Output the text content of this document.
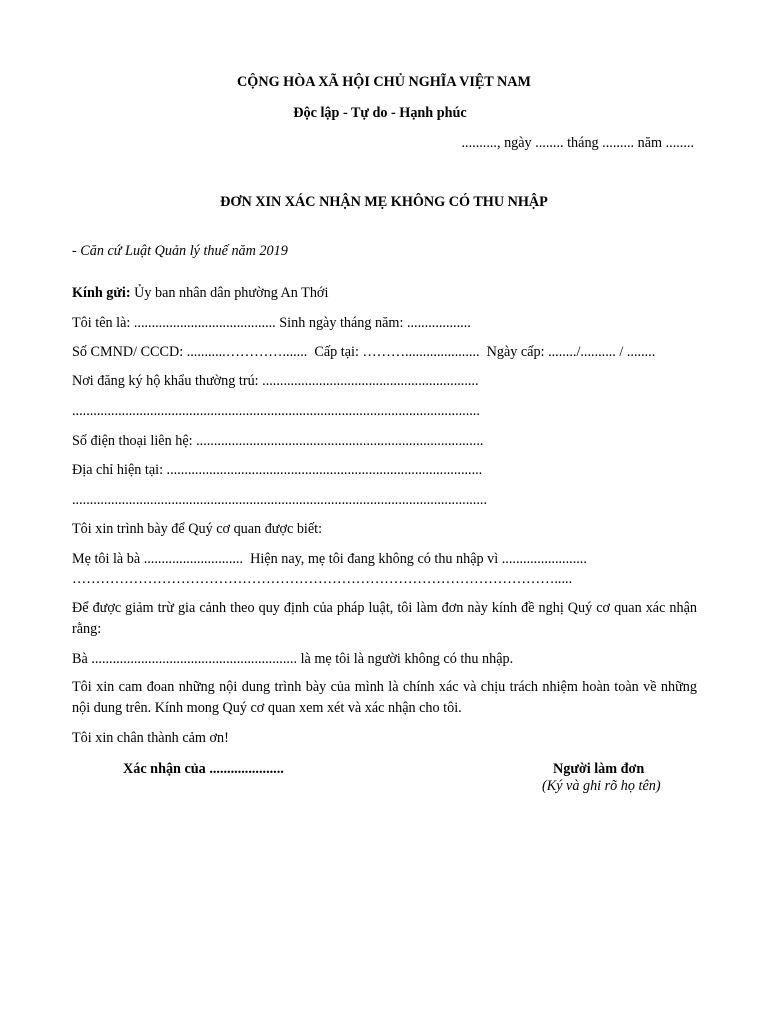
CỘNG HÒA XÃ HỘI CHỦ NGHĨA VIỆT NAM
Độc lập - Tự do - Hạnh phúc
.........., ngày ........ tháng ......... năm ........
ĐƠN XIN XÁC NHẬN MẸ KHÔNG CÓ THU NHẬP
- Căn cứ Luật Quản lý thuế năm 2019
Kính gửi: Ủy ban nhân dân phường An Thới
Tôi tên là: ........................................ Sinh ngày tháng năm: ..................
Số CMND/ CCCD: ...........………….......  Cấp tại: ……….....................  Ngày cấp: ......../.......... / ........
Nơi đăng ký hộ khẩu thường trú: .............................................................
...................................................................................................................
Số điện thoại liên hệ: .................................................................................
Địa chỉ hiện tại: .........................................................................................
.....................................................................................................................
Tôi xin trình bày để Quý cơ quan được biết:
Mẹ tôi là bà ............................  Hiện nay, mẹ tôi đang không có thu nhập vì ........................
………………………………………………………………………………………….....
Để được giảm trừ gia cảnh theo quy định của pháp luật, tôi làm đơn này kính đề nghị Quý cơ quan xác nhận rằng:
Bà .......................................................... là mẹ tôi là người không có thu nhập.
Tôi xin cam đoan những nội dung trình bày của mình là chính xác và chịu trách nhiệm hoàn toàn về những nội dung trên. Kính mong Quý cơ quan xem xét và xác nhận cho tôi.
Tôi xin chân thành cảm ơn!
Xác nhận của .....................	Người làm đơn
(Ký và ghi rõ họ tên)
